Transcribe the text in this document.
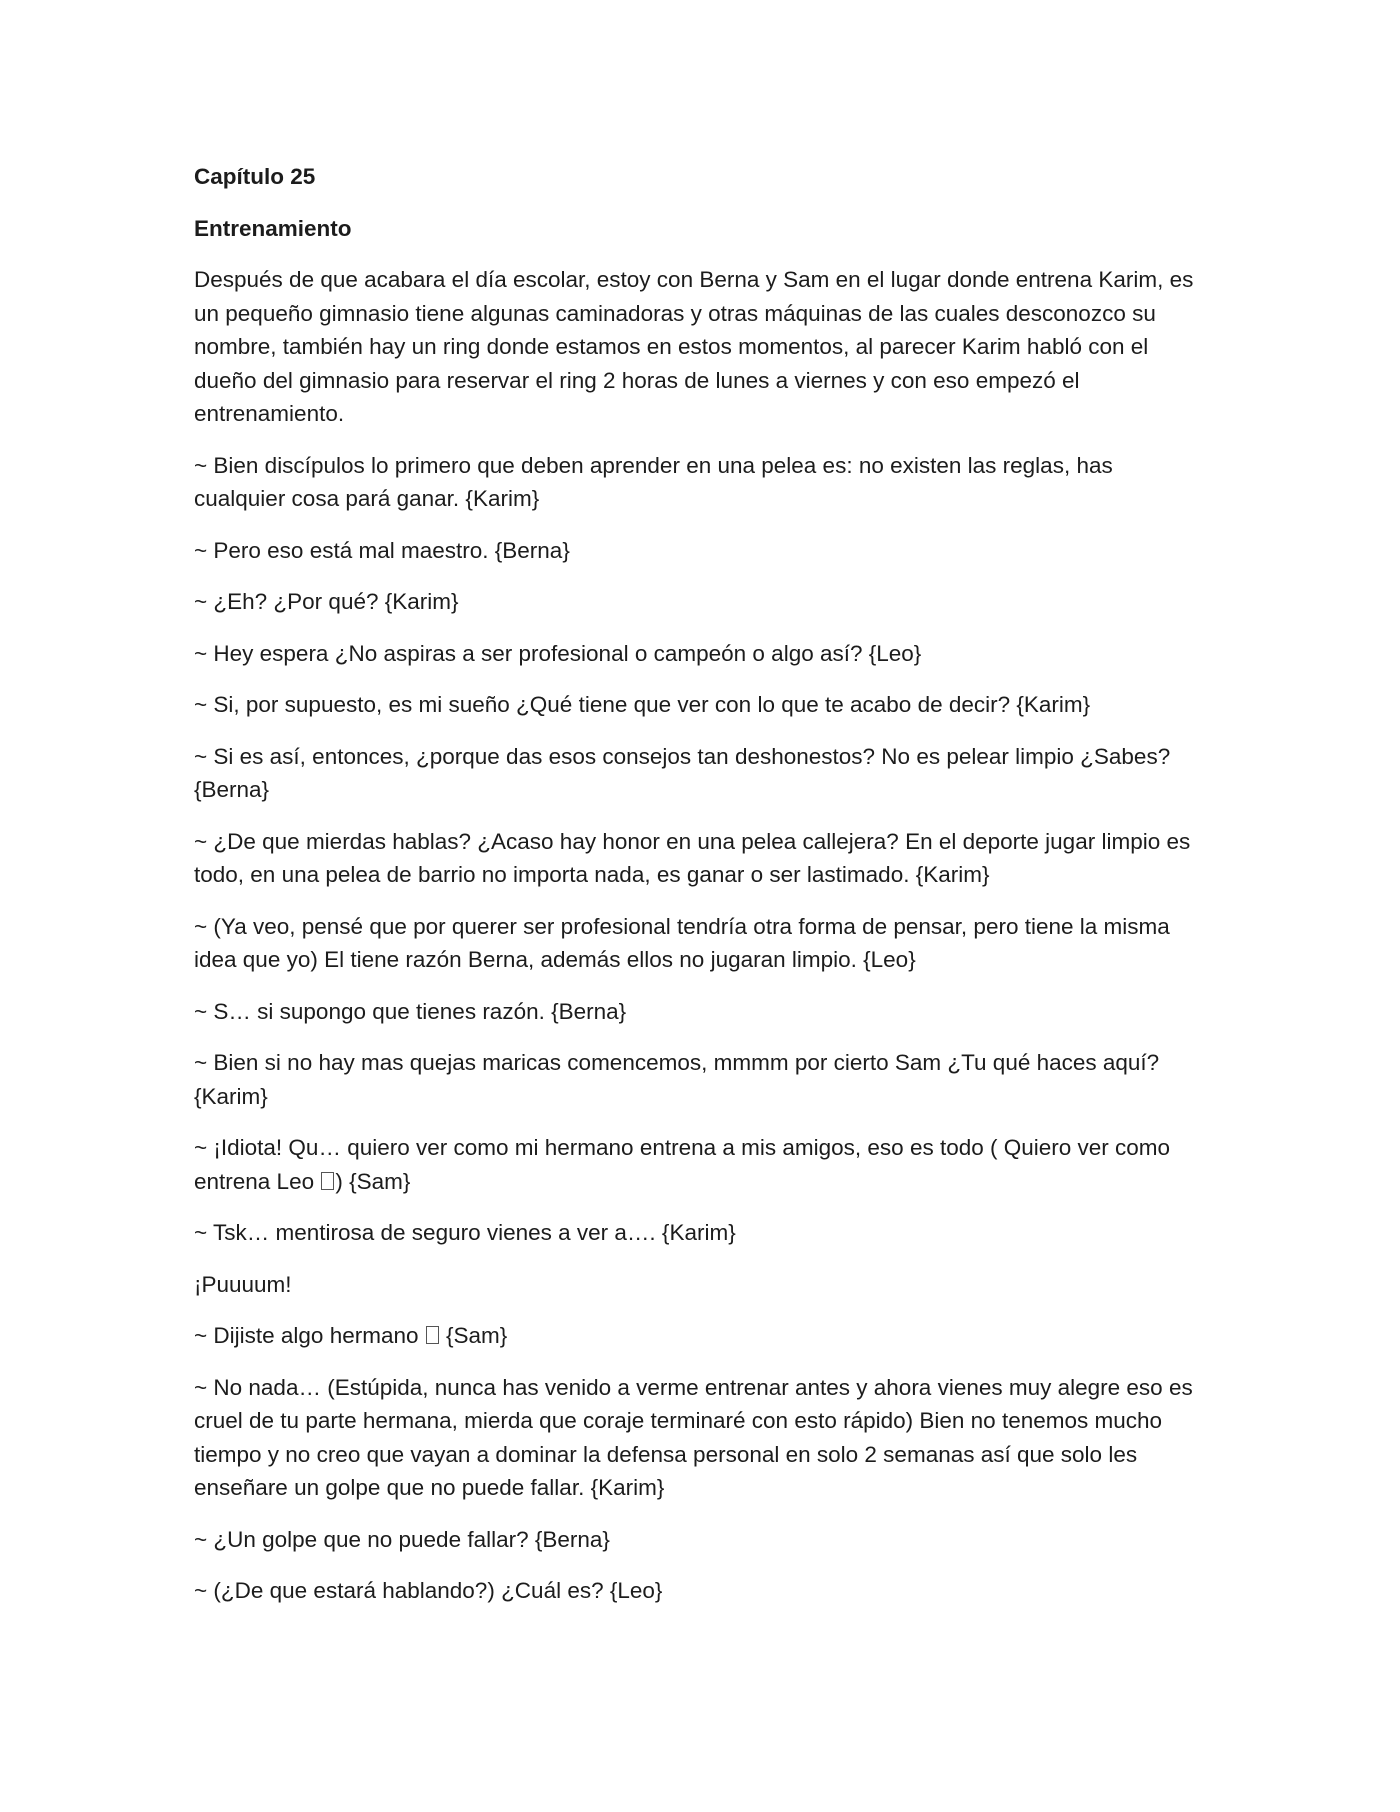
Capítulo 25
Entrenamiento
Después de que acabara el día escolar, estoy con Berna y Sam en el lugar donde entrena Karim, es un pequeño gimnasio tiene algunas caminadoras y otras máquinas de las cuales desconozco su nombre, también hay un ring donde estamos en estos momentos, al parecer Karim habló con el dueño del gimnasio para reservar el ring 2 horas de lunes a viernes y con eso empezó el entrenamiento.
~ Bien discípulos lo primero que deben aprender en una pelea es: no existen las reglas, has cualquier cosa pará ganar. {Karim}
~ Pero eso está mal maestro. {Berna}
~ ¿Eh? ¿Por qué? {Karim}
~ Hey espera ¿No aspiras a ser profesional o campeón o algo así? {Leo}
~ Si, por supuesto, es mi sueño ¿Qué tiene que ver con lo que te acabo de decir? {Karim}
~ Si es así, entonces, ¿porque das esos consejos tan deshonestos? No es pelear limpio ¿Sabes? {Berna}
~ ¿De que mierdas hablas? ¿Acaso hay honor en una pelea callejera? En el deporte jugar limpio es todo, en una pelea de barrio no importa nada, es ganar o ser lastimado. {Karim}
~ (Ya veo, pensé que por querer ser profesional tendría otra forma de pensar, pero tiene la misma idea que yo) El tiene razón Berna, además ellos no jugaran limpio. {Leo}
~ S… si supongo que tienes razón. {Berna}
~ Bien si no hay mas quejas maricas comencemos, mmmm por cierto Sam ¿Tu qué haces aquí? {Karim}
~ ¡Idiota! Qu… quiero ver como mi hermano entrena a mis amigos, eso es todo ( Quiero ver como entrena Leo ) {Sam}
~ Tsk… mentirosa de seguro vienes a ver a…. {Karim}
¡Puuuum!
~ Dijiste algo hermano  {Sam}
~ No nada… (Estúpida, nunca has venido a verme entrenar antes y ahora vienes muy alegre eso es cruel de tu parte hermana, mierda que coraje terminaré con esto rápido) Bien no tenemos mucho tiempo y no creo que vayan a dominar la defensa personal en solo 2 semanas así que solo les enseñare un golpe que no puede fallar. {Karim}
~ ¿Un golpe que no puede fallar? {Berna}
~ (¿De que estará hablando?) ¿Cuál es? {Leo}
